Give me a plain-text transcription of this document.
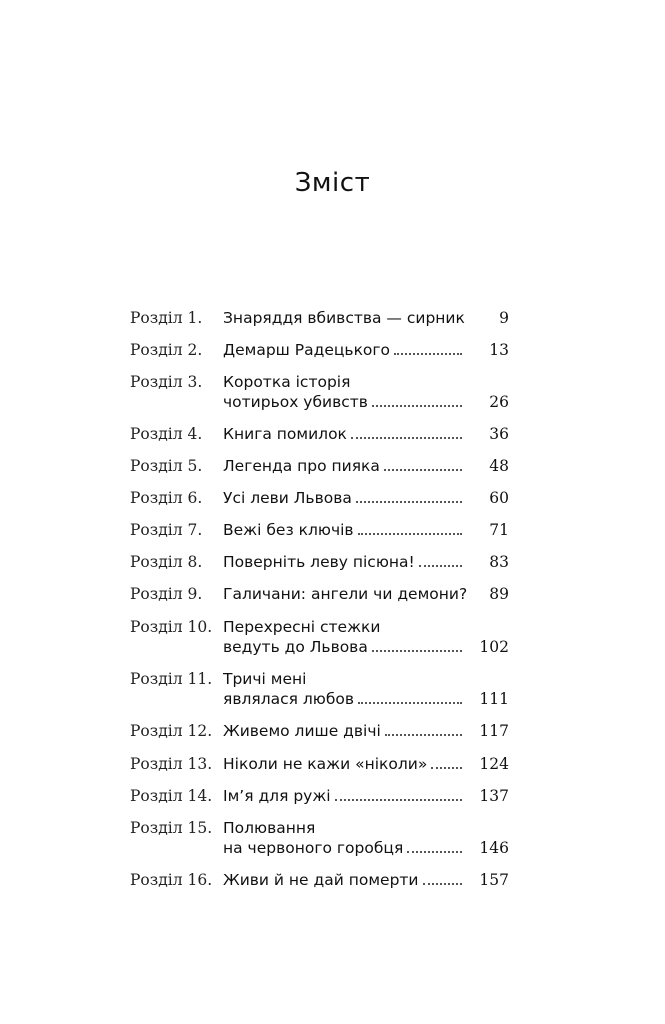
Зміст
Розділ 1. Знаряддя вбивства — сирник 9
Розділ 2. Демарш Радецького	13
Розділ 3. Коротка історія
чотирьох убивств	26
Розділ 4. Книга помилок	36
Розділ 5. Легенда про пияка	48
Розділ 6. Усі леви Львова	60
Розділ 7. Вежі без ключів	71
Розділ 8. Поверніть леву пісюна!	83
Розділ 9. Галичани: ангели чи демони? 89
Розділ 10. Перехресні стежки
ведуть до Львова	102
Розділ 11. Тричі мені
являлася любов	111
Розділ 12. Живемо лише двічі	117
Розділ 13. Ніколи не кажи «ніколи»	124
Розділ 14. Ім’я для ружі	137
Розділ 15. Полювання
на червоного горобця	146
Розділ 16. Живи й не дай померти	157
